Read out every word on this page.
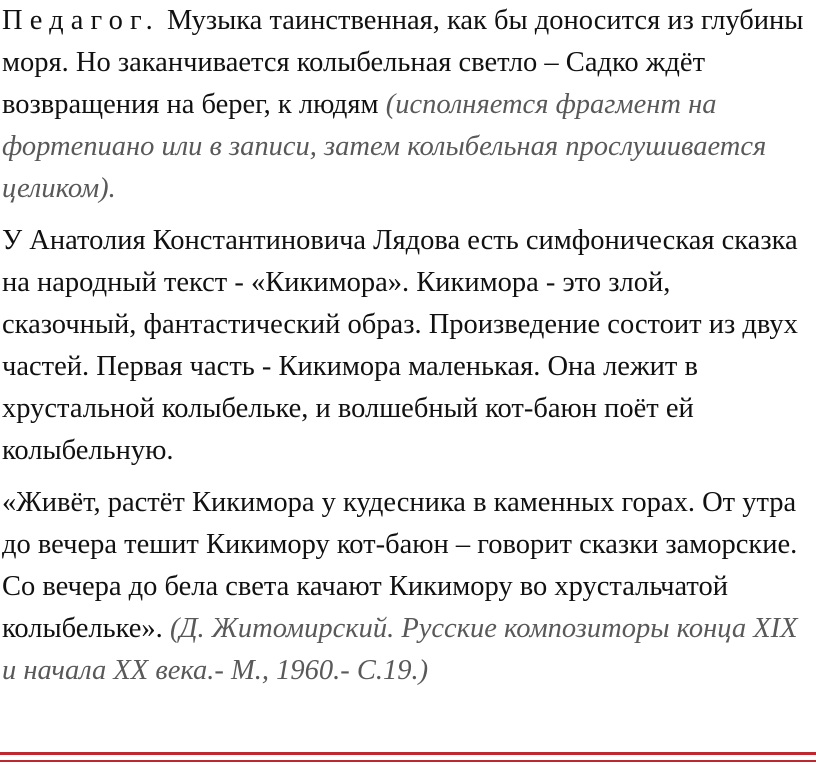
Педагог. Музыка таинственная, как бы доносится из глубины моря. Но заканчивается колыбельная светло – Садко ждёт возвращения на берег, к людям (исполняется фрагмент на фортепиано или в записи, затем колыбельная прослушивается целиком).

У Анатолия Константиновича Лядова есть симфоническая сказка на народный текст - «Кикимора». Кикимора - это злой, сказочный, фантастический образ. Произведение состоит из двух частей. Первая часть - Кикимора маленькая. Она лежит в хрустальной колыбельке, и волшебный кот-баюн поёт ей колыбельную.

«Живёт, растёт Кикимора у кудесника в каменных горах. От утра до вечера тешит Кикимору кот-баюн – говорит сказки заморские. Со вечера до бела света качают Кикимору во хрустальчатой колыбельке». (Д. Житомирский. Русские композиторы конца XIX и начала XX века.- М., 1960.- С.19.)
